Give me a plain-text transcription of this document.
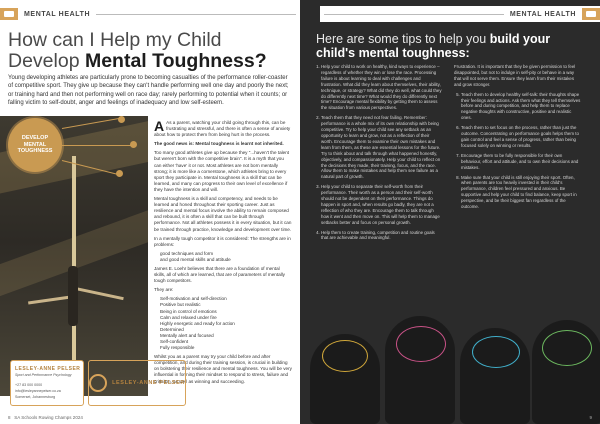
MENTAL HEALTH
How can I Help my Child Develop Mental Toughness?
Young developing athletes are particularly prone to becoming casualties of the performance roller-coaster of competitive sport. They give up because they can't handle performing well one day and poorly the next; or training hard and then not performing well on race day; rarely performing to potential when it counts; or falling victim to self-doubt, anger and feelings of inadequacy and low self-esteem.
DEVELOP MENTAL TOUGHNESS

A As a parent, watching your child going through this, can be frustrating and stressful, and there is often a sense of anxiety about how to protect them from being hurt in the process.

The good news is: Mental toughness is learnt not inherited.

Too many good athletes give up because they "...haven't the talent but weren't born with the competitive brain". It is a myth that you can either 'have' it or not. Most athletes are not born mentally strong; it is more like a cornerstone, which athletes bring to every sport they participate in. Mental toughness is a skill that can be learned, and many can progress to their own level of excellence if they have the intention and will.

Mental toughness is a skill and competency, and needs to be learned and honed throughout their sporting career. Just as resilience and mental focus involve the ability to remain composed and rebound, it is often a skill that can be built through performance. Not all athletes possess it in every situation, but it can be trained through practice, knowledge and development over time.

In a mentally tough competitor it is considered: The strengths are in problems:

good techniques and form
and good mental skills and attitude

James E. Loehr believes that there are a foundation of mental skills, all of which are learned, that are of parameters of mentally tough competitors.

They are:

Self-motivation and self-direction
Positive but realistic
Being in control of emotions
Calm and relaxed under fire
Highly energetic and ready for action
Determined
Mentally alert and focused
Self-confident
Fully responsible

Whilst you as a parent may try your child before and after competition, and during their training session, is crucial in building on bolstering their resilience and mental toughness. You will be very influential in forming their mindset to respond to stress, failure and criticism, as well as winning and succeeding.

LESLEY-ANNE PELSER
Sport and Performance Psychology
+27 83 000 0000
info@lesleyannepelser.co.za
Somerset, Johannesburg
LESLEY-ANNE PELSER
8 SA Schools Rowing Champs 2024
MENTAL HEALTH
Here are some tips to help you build your child's mental toughness:
1. Help your child to work on healthy, kind ways to experience – regardless of whether they win or lose the race. Processing failure is about learning to deal with challenges and frustration. What did they learn about themselves, their ability, technique, or strategy? What did they do well, what could they do differently next time? What would they do differently next time? Encourage mental flexibility by getting them to assess the situation from various perspectives.
2. Teach them that they need not fear failing. Remember: performance is a whole mix of its own relationship with being competitive. Try to help your child see any setback as an opportunity to learn and grow, not as a reflection of their worth. Encourage them to examine their own mistakes and learn from them, as these are essential lessons for the future. Try to think about and talk through what happened honestly, objectively, and compassionately. Help your child to reflect on the decisions they made, their training, focus, and the race. Allow them to make mistakes and help them see failure as a natural part of growth.
3. Help your child to separate their self-worth from their performance. Their worth as a person and their self-worth should not be dependent on their performance. Things do happen in sport and, when results go badly, they are not a reflection of who they are. Encourage them to talk through how it went and then move on. This will help them to manage setbacks better and focus on personal growth.
4. Help them to create training, competition and routine goals that are achievable and meaningful.

Frustration. It is important that they be given permission to feel disappointed, but not to indulge in self-pity or behave in a way that will not serve them. Ensure they learn from their mistakes and grow stronger.

5. Teach them to develop healthy self-talk: their thoughts shape their feelings and actions. Ask them what they tell themselves before and during competition, and help them to replace negative thoughts with constructive, positive and realistic ones.
6. Teach them to set focus on the process, rather than just the outcome. Concentrating on performance goals helps them to gain control and feel a sense of progress, rather than being focused solely on winning or results.
7. Encourage them to be fully responsible for their own behaviour, effort and attitude, and to own their decisions and mistakes.
8. Make sure that your child is still enjoying their sport. Often, when parents are too heavily invested in their child's performance, children feel pressured and anxious. Be supportive and help your child to find balance, keep sport in perspective, and be their biggest fan regardless of the outcome.
9
